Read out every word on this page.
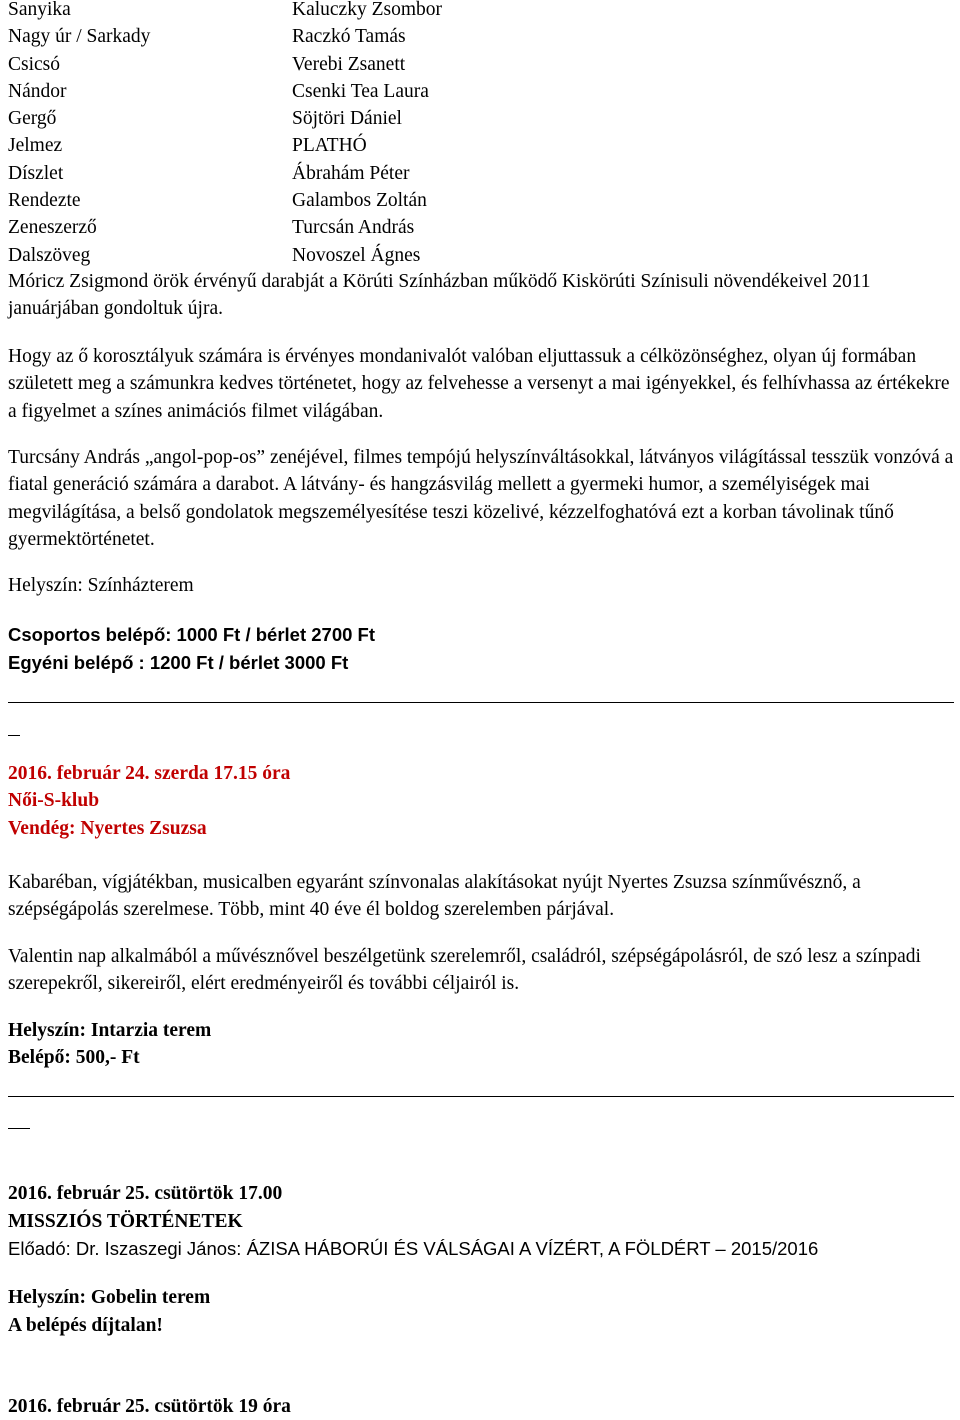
Sanyika	Kaluczky Zsombor
Nagy úr / Sarkady	Raczkó Tamás
Csicsó	Verebi Zsanett
Nándor	Csenki Tea Laura
Gergő	Söjtöri Dániel
Jelmez	PLATHÓ
Díszlet	Ábrahám Péter
Rendezte	Galambos Zoltán
Zeneszerző	Turcsán András
Dalszöveg	Novoszel Ágnes

Móricz Zsigmond örök érvényű darabját a Körúti Színházban működő Kiskörúti Színisuli növendékeivel 2011 januárjában gondoltuk újra.

Hogy az ő korosztályuk számára is érvényes mondanivalót valóban eljuttassuk a célközönséghez, olyan új formában született meg a számunkra kedves történetet, hogy az felvehesse a versenyt a mai igényekkel, és felhívhassa az értékekre a figyelmet a színes animációs filmet világában.

Turcsány András „angol-pop-os” zenéjével, filmes tempójú helyszínváltásokkal, látványos világítással tesszük vonzóvá a fiatal generáció számára a darabot. A látvány- és hangzásvilág mellett a gyermeki humor, a személyiségek mai megvilágítása, a belső gondolatok megszemélyesítése teszi közelivé, kézzelfoghatóvá ezt a korban távolinak tűnő gyermektörténetet.

Helyszín: Színházterem

Csoportos belépő: 1000 Ft / bérlet 2700 Ft

Egyéni belépő : 1200 Ft / bérlet 3000 Ft

2016. február 24. szerda 17.15 óra

Női-S-klub

Vendég: Nyertes Zsuzsa

Kabaréban, vígjátékban, musicalben egyaránt színvonalas alakításokat nyújt Nyertes Zsuzsa színművésznő, a szépségápolás szerelmese. Több, mint 40 éve él boldog szerelemben párjával.

Valentin nap alkalmából a művésznővel beszélgetünk szerelemről, családról, szépségápolásról, de szó lesz a színpadi szerepekről, sikereiről, elért eredményeiről és további céljairól is.

Helyszín: Intarzia terem

Belépő: 500,- Ft

2016. február 25. csütörtök 17.00

MISSZIÓS TÖRTÉNETEK

Előadó: Dr. Iszaszegi János: ÁZISA HÁBORÚI ÉS VÁLSÁGAI A VÍZÉRT, A FÖLDÉRT – 2015/2016

Helyszín: Gobelin terem

A belépés díjtalan!

2016. február 25. csütörtök 19 óra
